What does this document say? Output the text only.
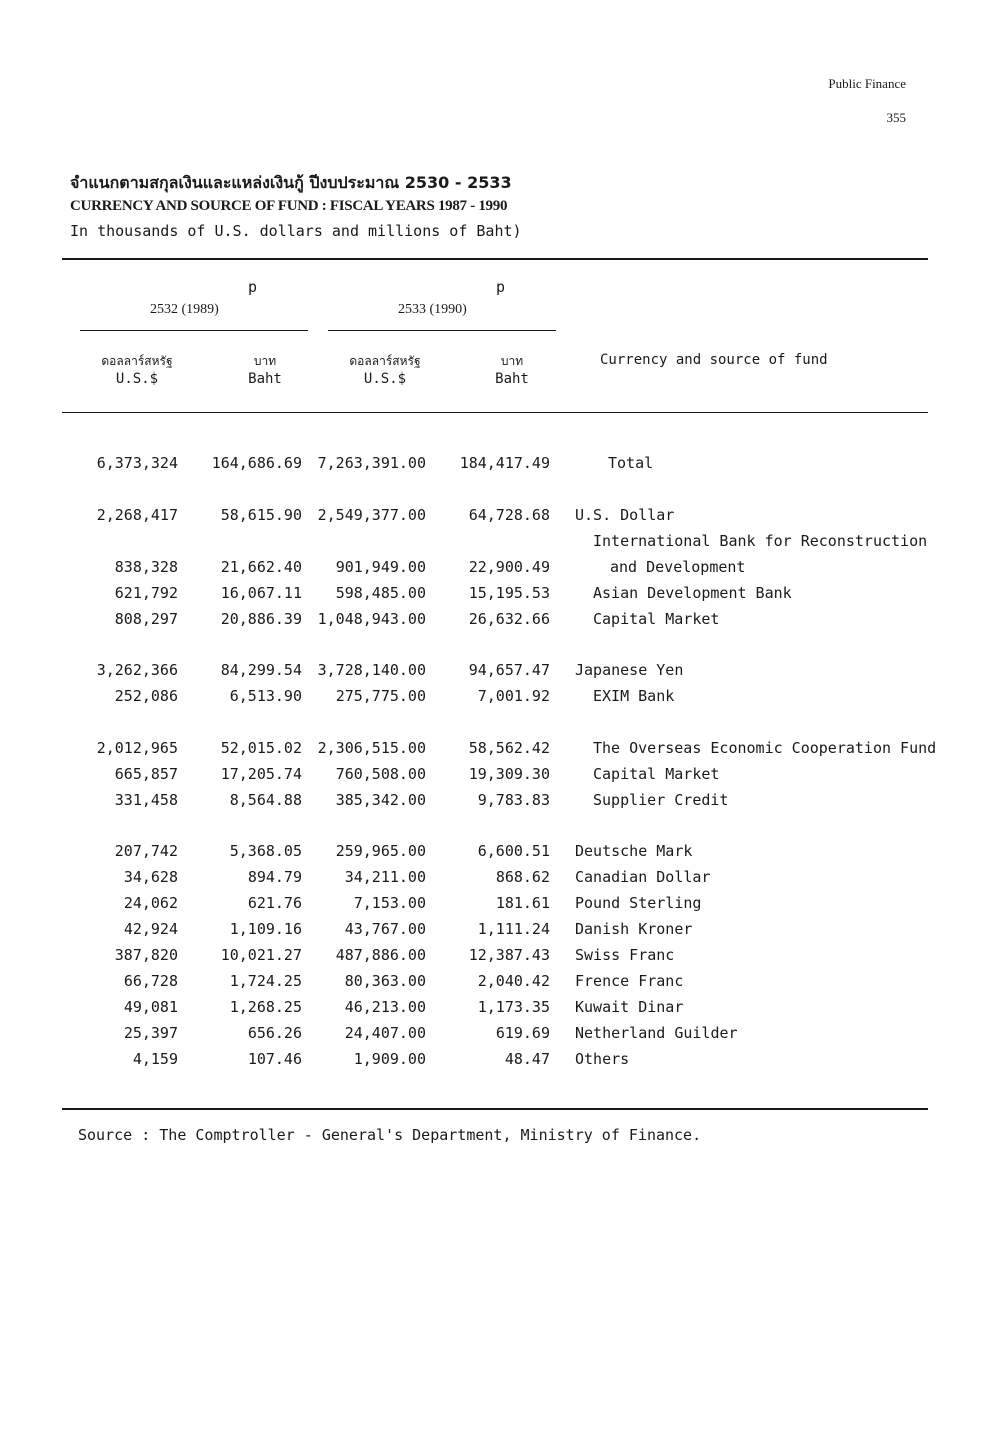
Public Finance
355
จำแนกตามสกุลเงินและแหล่งเงินกู้ ปีงบประมาณ 2530 - 2533
CURRENCY AND SOURCE OF FUND : FISCAL YEARS 1987 - 1990
In thousands of U.S. dollars and millions of Baht)
p
2532 (1989)
p
2533 (1990)
ดอลลาร์สหรัฐ
U.S.$
บาท
Baht
ดอลลาร์สหรัฐ
U.S.$
บาท
Baht
Currency and source of fund
6,373,324	164,686.69	7,263,391.00	184,417.49	Total
2,268,417	58,615.90	2,549,377.00	64,728.68 U.S. Dollar
International Bank for Reconstruction
838,328	21,662.40	901,949.00	22,900.49	and Development
621,792	16,067.11	598,485.00	15,195.53	Asian Development Bank
808,297	20,886.39	1,048,943.00	26,632.66	Capital Market
3,262,366	84,299.54	3,728,140.00	94,657.47 Japanese Yen
252,086	6,513.90	275,775.00	7,001.92	EXIM Bank
2,012,965	52,015.02	2,306,515.00	58,562.42	The Overseas Economic Cooperation Fund
665,857	17,205.74	760,508.00	19,309.30	Capital Market
331,458	8,564.88	385,342.00	9,783.83	Supplier Credit
207,742	5,368.05	259,965.00	6,600.51 Deutsche Mark
34,628	894.79	34,211.00	868.62 Canadian Dollar
24,062	621.76	7,153.00	181.61 Pound Sterling
42,924	1,109.16	43,767.00	1,111.24 Danish Kroner
387,820	10,021.27	487,886.00	12,387.43 Swiss Franc
66,728	1,724.25	80,363.00	2,040.42 Frence Franc
49,081	1,268.25	46,213.00	1,173.35 Kuwait Dinar
25,397	656.26	24,407.00	619.69 Netherland Guilder
4,159	107.46	1,909.00	48.47 Others
Source : The Comptroller - General's Department, Ministry of Finance.
